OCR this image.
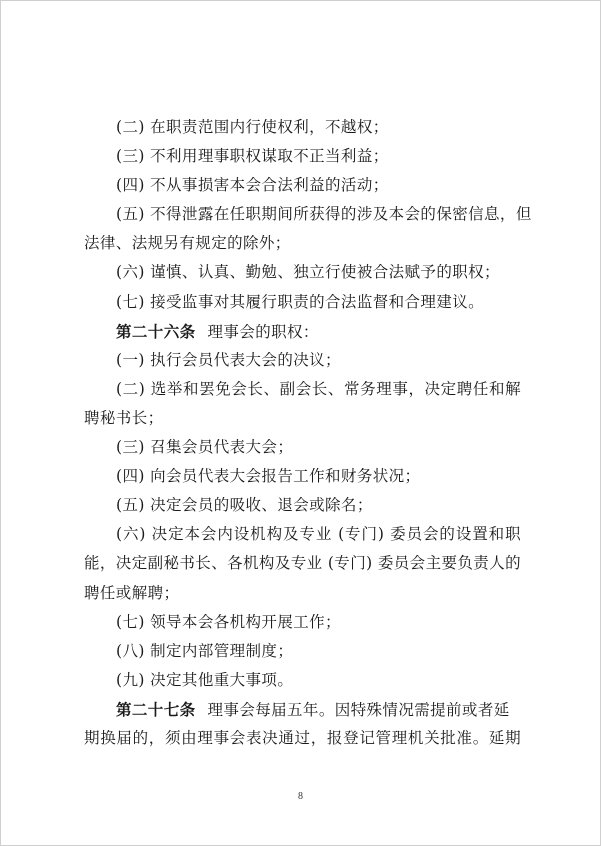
(二) 在职责范围内行使权利，不越权；
(三) 不利用理事职权谋取不正当利益；
(四) 不从事损害本会合法利益的活动；
(五) 不得泄露在任职期间所获得的涉及本会的保密信息，但
法律、法规另有规定的除外；
(六) 谨慎、认真、勤勉、独立行使被合法赋予的职权；
(七) 接受监事对其履行职责的合法监督和合理建议。
第二十六条 理事会的职权：
(一) 执行会员代表大会的决议；
(二) 选举和罢免会长、副会长、常务理事，决定聘任和解
聘秘书长；
(三) 召集会员代表大会；
(四) 向会员代表大会报告工作和财务状况；
(五) 决定会员的吸收、退会或除名；
(六) 决定本会内设机构及专业 (专门) 委员会的设置和职
能，决定副秘书长、各机构及专业 (专门) 委员会主要负责人的
聘任或解聘；
(七) 领导本会各机构开展工作；
(八) 制定内部管理制度；
(九) 决定其他重大事项。
第二十七条 理事会每届五年。因特殊情况需提前或者延
期换届的，须由理事会表决通过，报登记管理机关批准。延期
8
